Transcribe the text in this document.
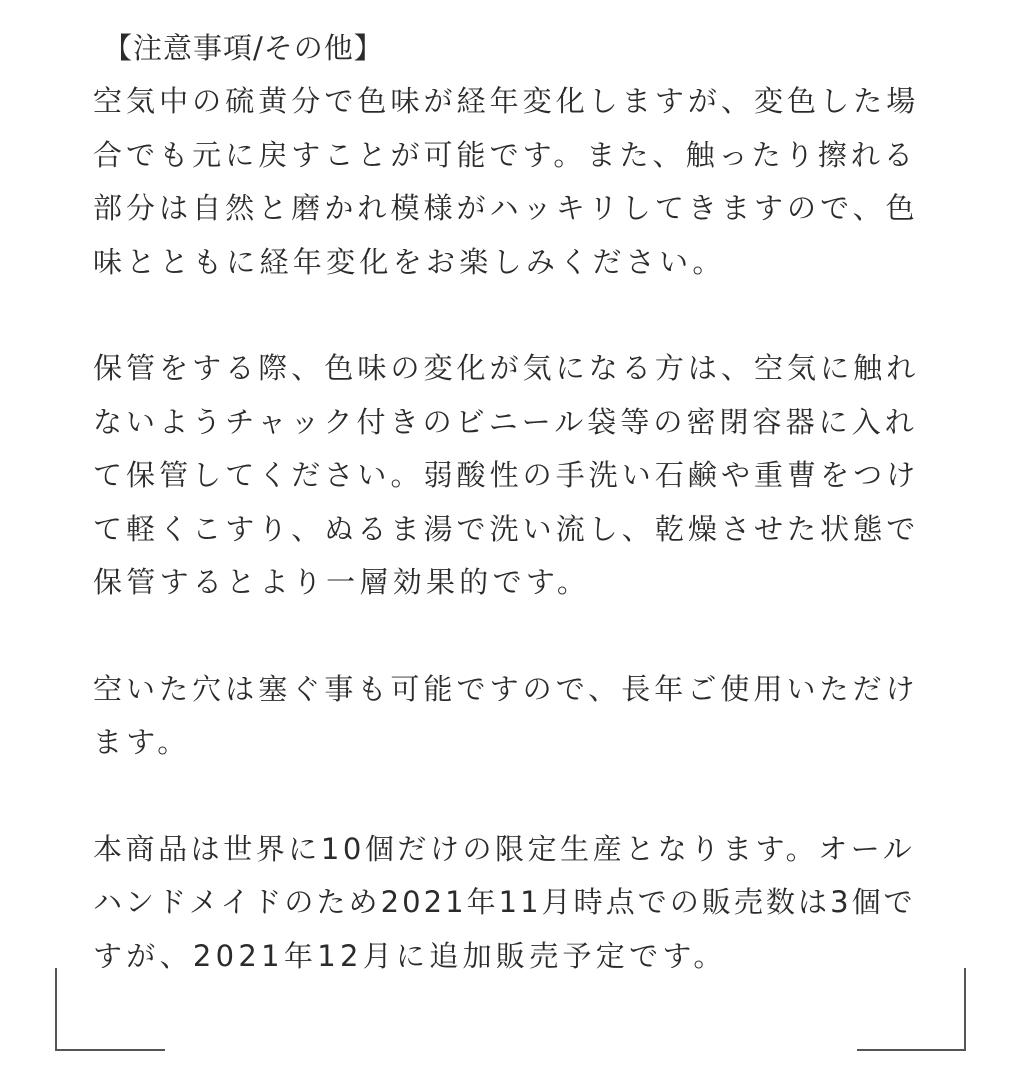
【注意事項/その他】
空気中の硫黄分で色味が経年変化しますが、変色した場
合でも元に戻すことが可能です。また、触ったり擦れる
部分は自然と磨かれ模様がハッキリしてきますので、色
味とともに経年変化をお楽しみください。
保管をする際、色味の変化が気になる方は、空気に触れ
ないようチャック付きのビニール袋等の密閉容器に入れ
て保管してください。弱酸性の手洗い石鹸や重曹をつけ
て軽くこすり、ぬるま湯で洗い流し、乾燥させた状態で
保管するとより一層効果的です。
空いた穴は塞ぐ事も可能ですので、長年ご使用いただけ
ます。
本商品は世界に10個だけの限定生産となります。オール
ハンドメイドのため2021年11月時点での販売数は3個で
すが、2021年12月に追加販売予定です。
